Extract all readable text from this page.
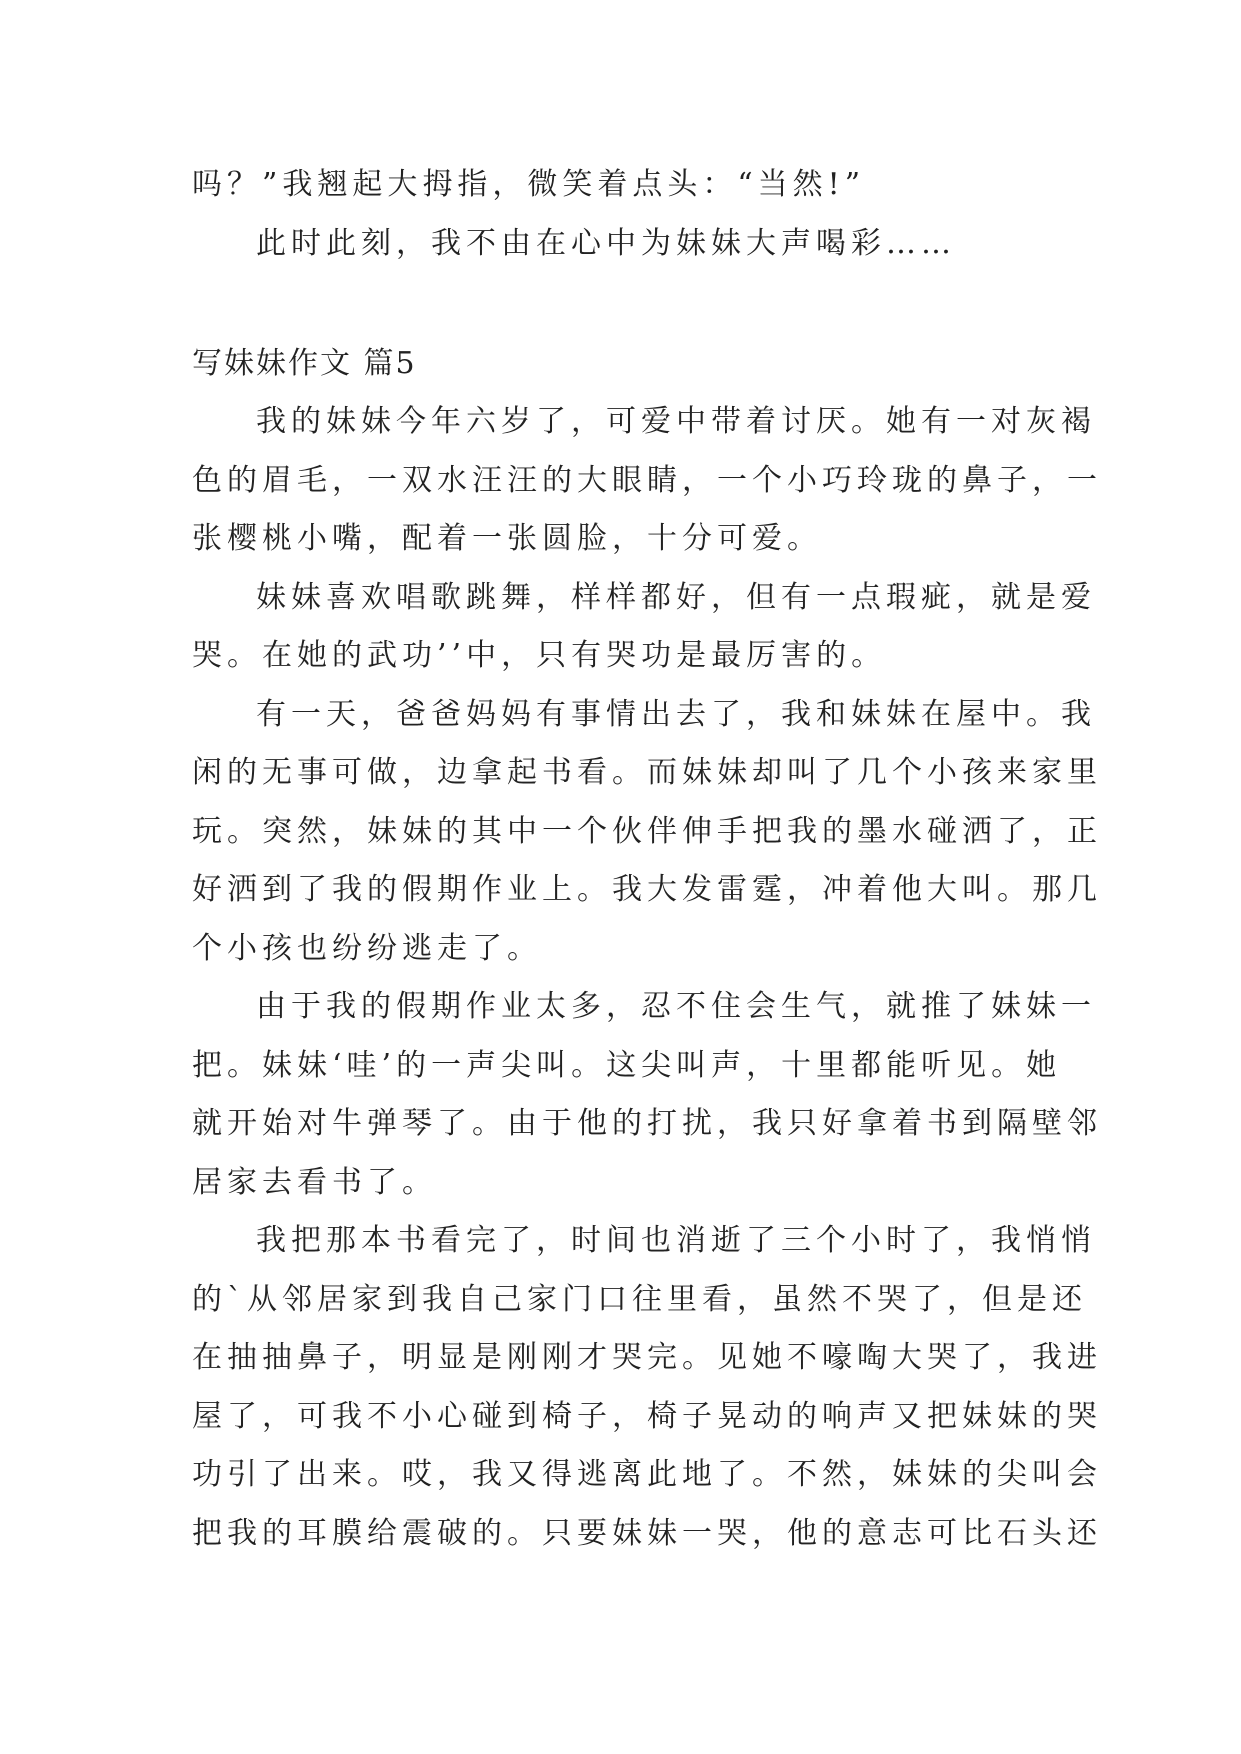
吗？”我翘起大拇指，微笑着点头：“当然!”
此时此刻，我不由在心中为妹妹大声喝彩……
写妹妹作文 篇5
我的妹妹今年六岁了，可爱中带着讨厌。她有一对灰褐
色的眉毛，一双水汪汪的大眼睛，一个小巧玲珑的鼻子，一
张樱桃小嘴，配着一张圆脸，十分可爱。
妹妹喜欢唱歌跳舞，样样都好，但有一点瑕疵，就是爱
哭。在她的武功’’中，只有哭功是最厉害的。
有一天，爸爸妈妈有事情出去了，我和妹妹在屋中。我
闲的无事可做，边拿起书看。而妹妹却叫了几个小孩来家里
玩。突然，妹妹的其中一个伙伴伸手把我的墨水碰洒了，正
好洒到了我的假期作业上。我大发雷霆，冲着他大叫。那几
个小孩也纷纷逃走了。
由于我的假期作业太多，忍不住会生气，就推了妹妹一
把。妹妹‘哇’的一声尖叫。这尖叫声，十里都能听见。她
就开始对牛弹琴了。由于他的打扰，我只好拿着书到隔壁邻
居家去看书了。
我把那本书看完了，时间也消逝了三个小时了，我悄悄
的`从邻居家到我自己家门口往里看，虽然不哭了，但是还
在抽抽鼻子，明显是刚刚才哭完。见她不嚎啕大哭了，我进
屋了，可我不小心碰到椅子，椅子晃动的响声又把妹妹的哭
功引了出来。哎，我又得逃离此地了。不然，妹妹的尖叫会
把我的耳膜给震破的。只要妹妹一哭，他的意志可比石头还
